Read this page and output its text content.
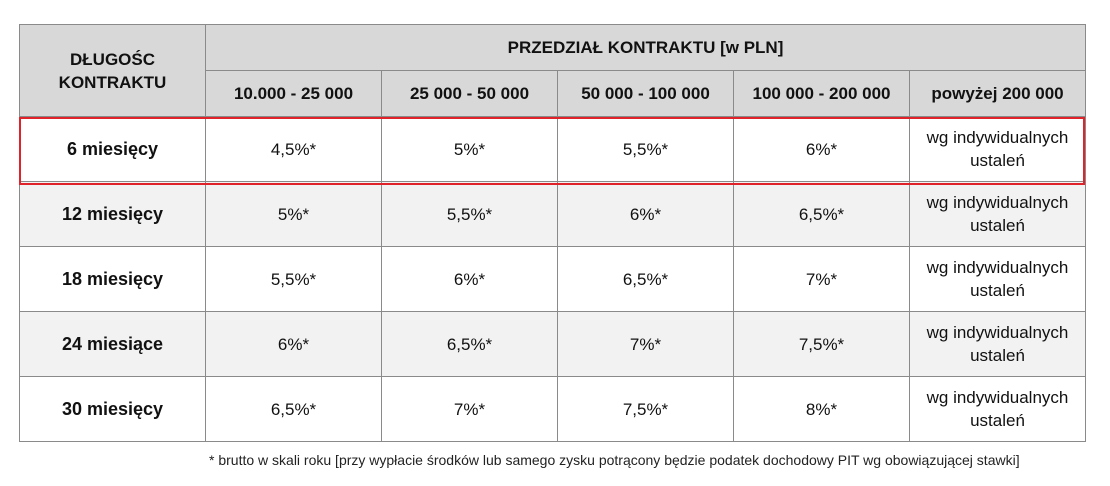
DŁUGOŚC KONTRAKTU	PRZEDZIAŁ KONTRAKTU [w PLN]				
	10.000 - 25 000	25 000 - 50 000	50 000 - 100 000	100 000 - 200 000	powyżej 200 000
6 miesięcy	4,5%*	5%*	5,5%*	6%*	wg indywidualnych ustaleń
12 miesięcy	5%*	5,5%*	6%*	6,5%*	wg indywidualnych ustaleń
18 miesięcy	5,5%*	6%*	6,5%*	7%*	wg indywidualnych ustaleń
24 miesiące	6%*	6,5%*	7%*	7,5%*	wg indywidualnych ustaleń
30 miesięcy	6,5%*	7%*	7,5%*	8%*	wg indywidualnych ustaleń
* brutto w skali roku [przy wypłacie środków lub samego zysku potrącony będzie podatek dochodowy PIT wg obowiązującej stawki]
